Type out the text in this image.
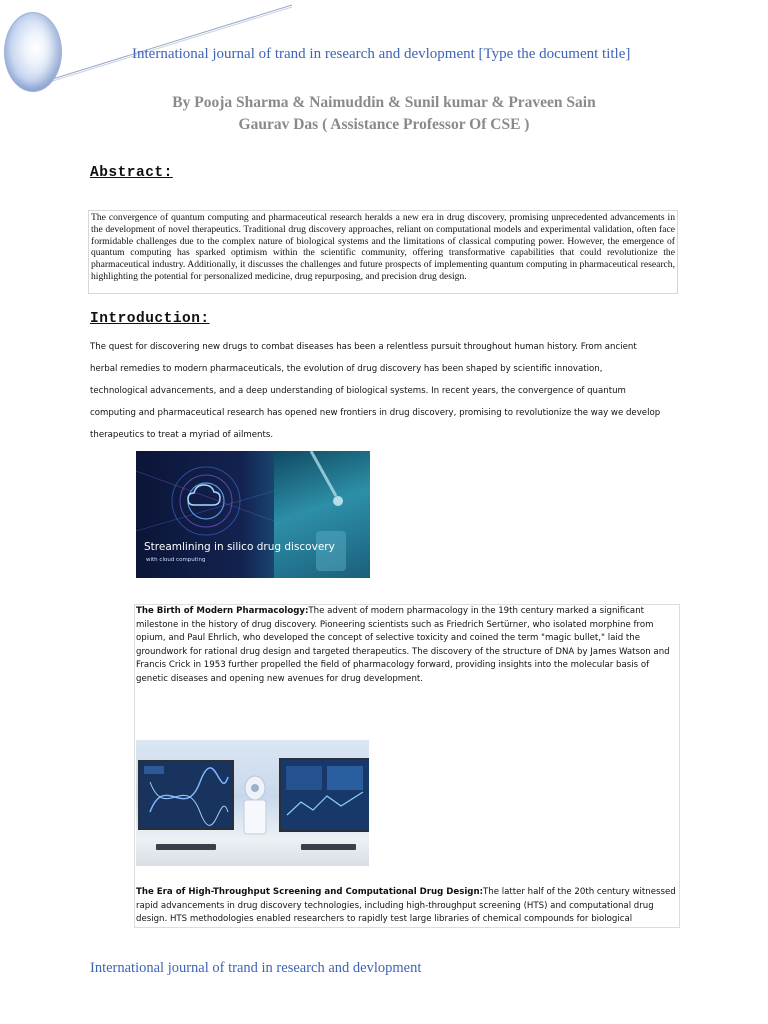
International journal of trand in research and devlopment [Type the document title]
By Pooja Sharma & Naimuddin & Sunil kumar & Praveen Sain
Gaurav Das ( Assistance Professor Of CSE )
Abstract:
The convergence of quantum computing and pharmaceutical research heralds a new era in drug discovery, promising unprecedented advancements in the development of novel therapeutics. Traditional drug discovery approaches, reliant on computational models and experimental validation, often face formidable challenges due to the complex nature of biological systems and the limitations of classical computing power. However, the emergence of quantum computing has sparked optimism within the scientific community, offering transformative capabilities that could revolutionize the pharmaceutical industry. Additionally, it discusses the challenges and future prospects of implementing quantum computing in pharmaceutical research, highlighting the potential for personalized medicine, drug repurposing, and precision drug design.
Introduction:

The quest for discovering new drugs to combat diseases has been a relentless pursuit throughout human history. From ancient

herbal remedies to modern pharmaceuticals, the evolution of drug discovery has been shaped by scientific innovation,

technological advancements, and a deep understanding of biological systems. In recent years, the convergence of quantum

computing and pharmaceutical research has opened new frontiers in drug discovery, promising to revolutionize the way we develop

therapeutics to treat a myriad of ailments.

Streamlining in silico drug discovery
with cloud computing
The Birth of Modern Pharmacology:The advent of modern pharmacology in the 19th century marked a significant milestone in the history of drug discovery. Pioneering scientists such as Friedrich Sertürner, who isolated morphine from opium, and Paul Ehrlich, who developed the concept of selective toxicity and coined the term "magic bullet," laid the groundwork for rational drug design and targeted therapeutics. The discovery of the structure of DNA by James Watson and Francis Crick in 1953 further propelled the field of pharmacology forward, providing insights into the molecular basis of genetic diseases and opening new avenues for drug development.
The Era of High-Throughput Screening and Computational Drug Design:The latter half of the 20th century witnessed rapid advancements in drug discovery technologies, including high-throughput screening (HTS) and computational drug design. HTS methodologies enabled researchers to rapidly test large libraries of chemical compounds for biological
International journal of trand in research and devlopment
